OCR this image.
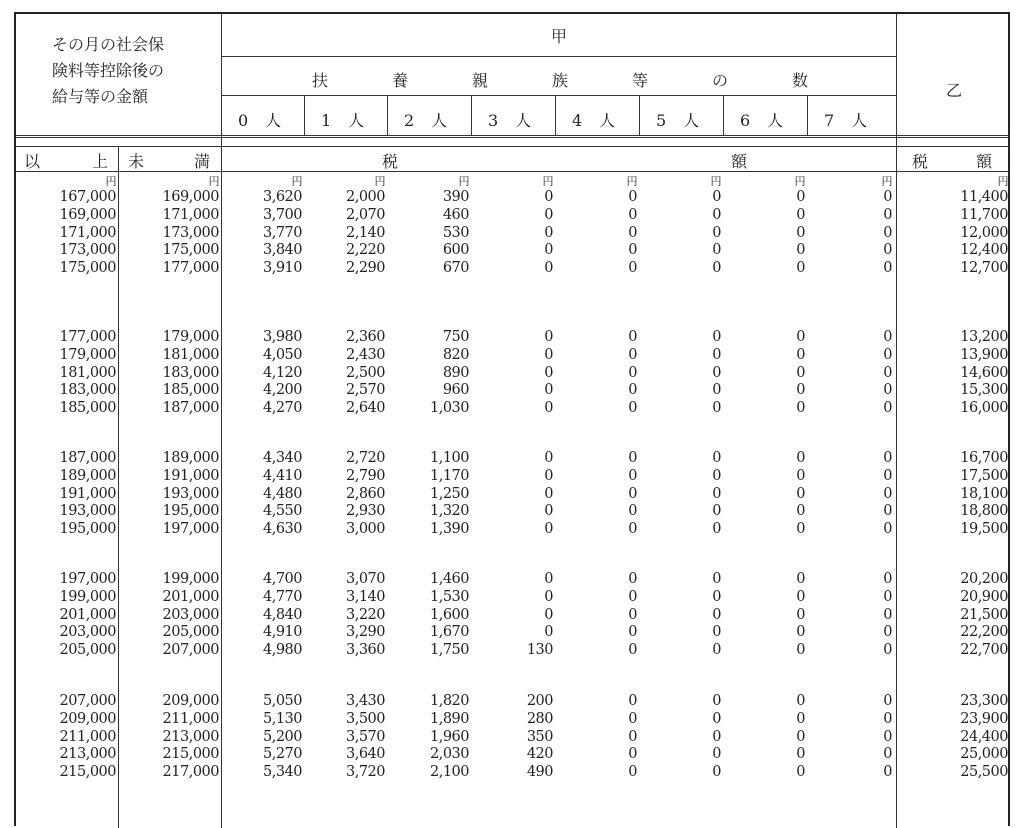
その月の社会保
険料等控除後の
給与等の金額
甲
乙
扶	養	親	族	等	の	数
0　人 1　人 2　人	3　人	4　人	5　人	6　人	7　人
以	上 未	満	税	額	税	額
円	円	円	円	円	円	円	円	円	円	円
167,000	169,000	3,620	2,000	390	0	0	0	0	0	11,400
169,000	171,000	3,700	2,070	460	0	0	0	0	0	11,700
171,000	173,000	3,770	2,140	530	0	0	0	0	0	12,000
173,000	175,000	3,840	2,220	600	0	0	0	0	0	12,400
175,000	177,000	3,910	2,290	670	0	0	0	0	0	12,700
177,000	179,000	3,980	2,360	750	0	0	0	0	0	13,200
179,000	181,000	4,050	2,430	820	0	0	0	0	0	13,900
181,000	183,000	4,120	2,500	890	0	0	0	0	0	14,600
183,000	185,000	4,200	2,570	960	0	0	0	0	0	15,300
185,000	187,000	4,270	2,640	1,030	0	0	0	0	0	16,000
187,000	189,000	4,340	2,720	1,100	0	0	0	0	0	16,700
189,000	191,000	4,410	2,790	1,170	0	0	0	0	0	17,500
191,000	193,000	4,480	2,860	1,250	0	0	0	0	0	18,100
193,000	195,000	4,550	2,930	1,320	0	0	0	0	0	18,800
195,000	197,000	4,630	3,000	1,390	0	0	0	0	0	19,500
197,000	199,000	4,700	3,070	1,460	0	0	0	0	0	20,200
199,000	201,000	4,770	3,140	1,530	0	0	0	0	0	20,900
201,000	203,000	4,840	3,220	1,600	0	0	0	0	0	21,500
203,000	205,000	4,910	3,290	1,670	0	0	0	0	0	22,200
205,000	207,000	4,980	3,360	1,750	130	0	0	0	0	22,700
207,000	209,000	5,050	3,430	1,820	200	0	0	0	0	23,300
209,000	211,000	5,130	3,500	1,890	280	0	0	0	0	23,900
211,000	213,000	5,200	3,570	1,960	350	0	0	0	0	24,400
213,000	215,000	5,270	3,640	2,030	420	0	0	0	0	25,000
215,000	217,000	5,340	3,720	2,100	490	0	0	0	0	25,500
